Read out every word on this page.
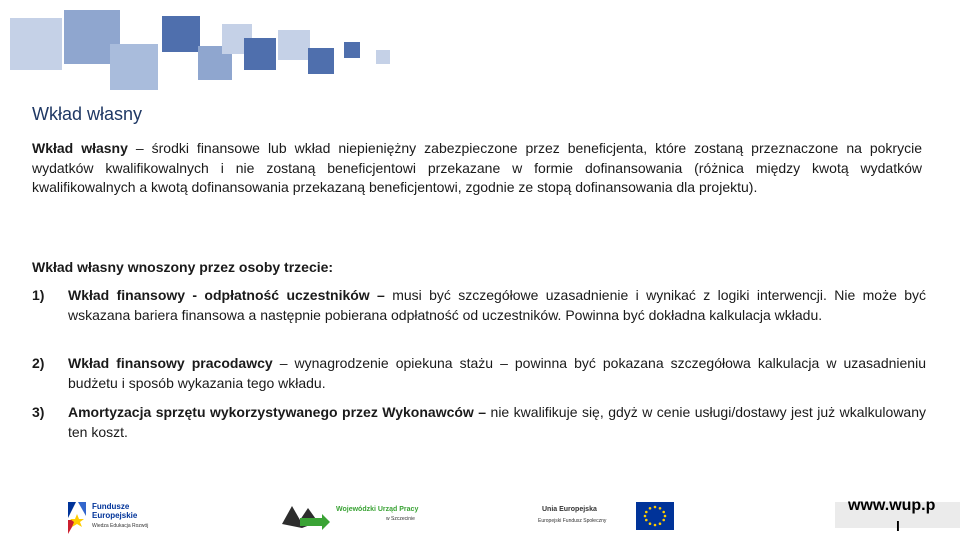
Wkład własny
Wkład własny – środki finansowe lub wkład niepieniężny zabezpieczone przez beneficjenta, które zostaną przeznaczone na pokrycie wydatków kwalifikowalnych i nie zostaną beneficjentowi przekazane w formie dofinansowania (różnica między kwotą wydatków kwalifikowalnych a kwotą dofinansowania przekazaną beneficjentowi, zgodnie ze stopą dofinansowania dla projektu).
Wkład własny wnoszony przez osoby trzecie:
1) Wkład finansowy - odpłatność uczestników – musi być szczegółowe uzasadnienie i wynikać z logiki interwencji. Nie może być wskazana bariera finansowa a następnie pobierana odpłatność od uczestników. Powinna być dokładna kalkulacja wkładu.
2) Wkład finansowy pracodawcy – wynagrodzenie opiekuna stażu – powinna być pokazana szczegółowa kalkulacja w uzasadnieniu budżetu i sposób wykazania tego wkładu.
3) Amortyzacja sprzętu wykorzystywanego przez Wykonawców – nie kwalifikuje się, gdyż w cenie usługi/dostawy jest już wkalkulowany ten koszt.
Fundusze
Europejskie
Wiedza Edukacja Rozwój
Wojewódzki Urząd Pracy
w Szczecinie
Unia Europejska
Europejski Fundusz Społeczny
www.wup.p
l
